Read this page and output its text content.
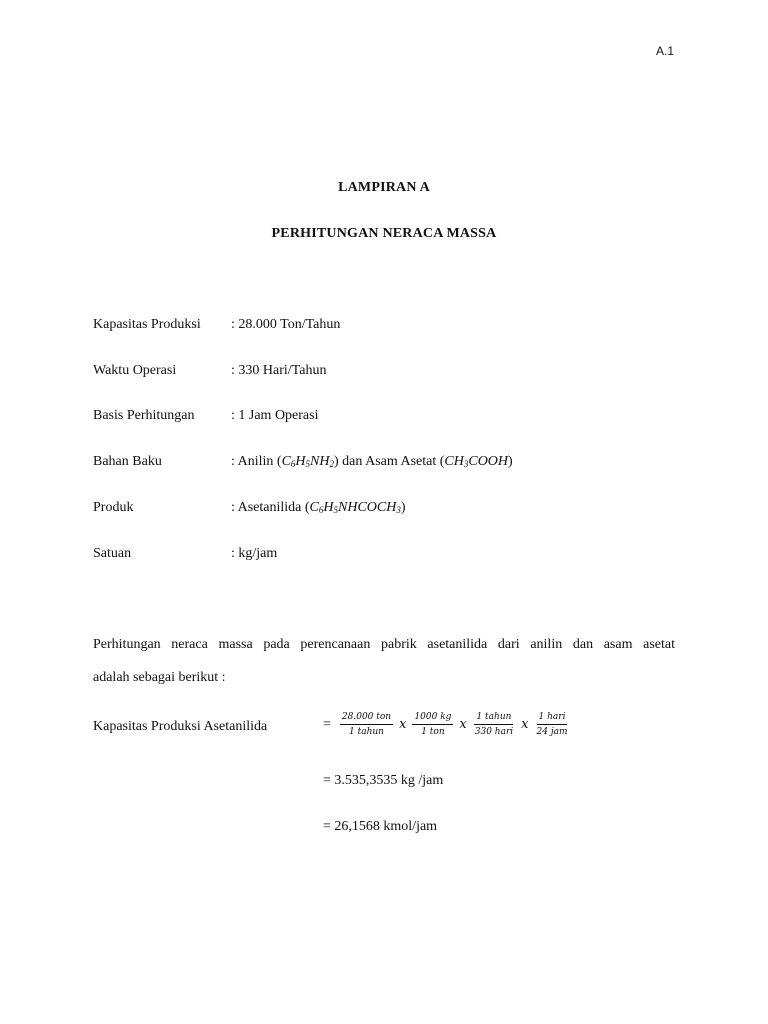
A.1
LAMPIRAN A
PERHITUNGAN NERACA MASSA
Kapasitas Produksi : 28.000 Ton/Tahun
Waktu Operasi	: 330 Hari/Tahun
Basis Perhitungan	: 1 Jam Operasi
Bahan Baku	: Anilin $(C_6H_5NH_2)$ dan Asam Asetat $(CH_3COOH)$
Produk	: Asetanilida $(C_6H_5NHCOCH_3)$
Satuan	: kg/jam
Perhitungan neraca massa pada perencanaan pabrik asetanilida dari anilin dan asam asetat
adalah sebagai berikut :
Kapasitas Produksi Asetanilida	= $\frac{\text{28.000 ton}}{\text{1 tahun}}$ x $\frac{1000 kg}{\text{1 ton}}$ x $\frac{\text{1 tahun}}{\text{330 hari}}$ x $\frac{\text{1 hari}}{\text{24 jam}}$
= 3.535,3535 kg /jam
= 26,1568 kmol/jam
